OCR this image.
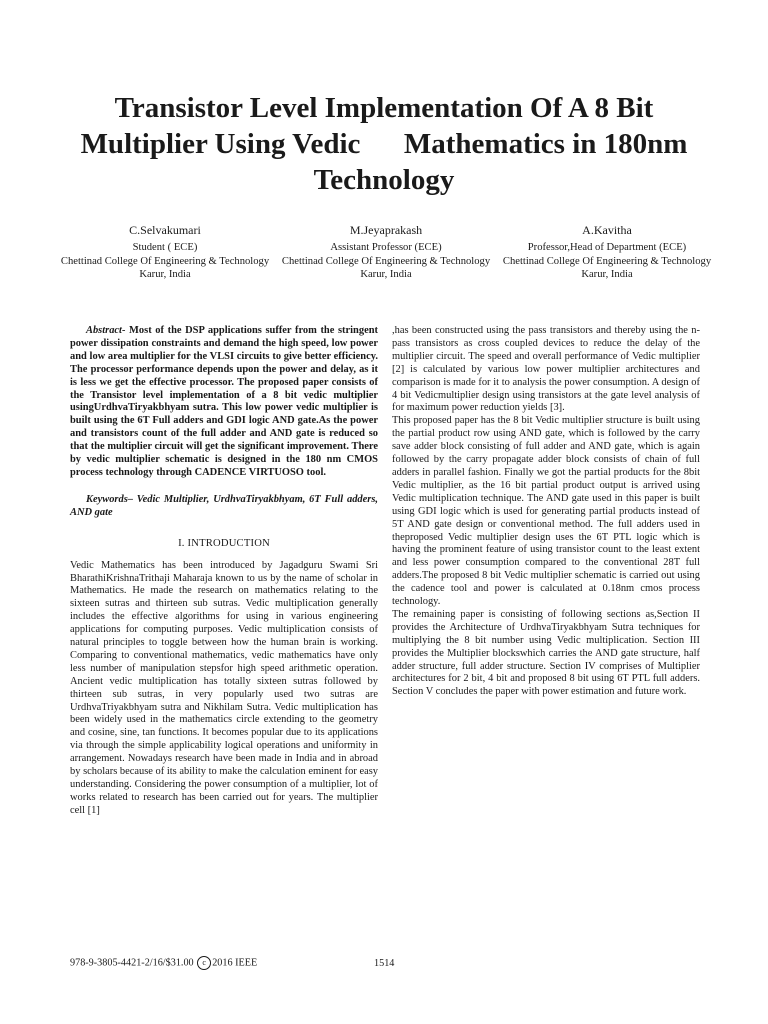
Transistor Level Implementation Of A 8 Bit
Multiplier Using Vedic      Mathematics in 180nm
Technology
C.Selvakumari
Student ( ECE)
Chettinad College Of Engineering & Technology
Karur, India
M.Jeyaprakash
Assistant Professor (ECE)
Chettinad College Of Engineering & Technology
Karur, India
A.Kavitha
Professor,Head of Department (ECE)
Chettinad College Of Engineering & Technology
Karur, India

Abstract- Most of the DSP applications suffer from the stringent power dissipation constraints and demand the high speed, low power and low area multiplier for the VLSI circuits to give better efficiency. The processor performance depends upon the power and delay, as it is less we get the effective processor. The proposed paper consists of the Transistor level implementation of a 8 bit vedic multiplier usingUrdhvaTiryakbhyam sutra. This low power vedic multiplier is built using the 6T Full adders and GDI logic AND gate.As the power and transistors count of the full adder and AND gate is reduced so that the multiplier circuit will get the significant improvement. There by vedic multiplier schematic is designed in the 180 nm CMOS process technology through CADENCE VIRTUOSO tool.

Keywords– Vedic Multiplier, UrdhvaTiryakbhyam, 6T Full adders, AND gate

I. INTRODUCTION

Vedic Mathematics has been introduced by Jagadguru Swami Sri BharathiKrishnaTrithaji Maharaja known to us by the name of scholar in Mathematics. He made the research on mathematics relating to the sixteen sutras and thirteen sub sutras. Vedic multiplication generally includes the effective algorithms for using in various engineering applications for computing purposes. Vedic multiplication consists of natural principles to toggle between how the human brain is working. Comparing to conventional mathematics, vedic mathematics have only less number of manipulation stepsfor high speed arithmetic operation. Ancient vedic multiplication has totally sixteen sutras followed by thirteen sub sutras, in very popularly used two sutras are UrdhvaTriyakbhyam sutra and Nikhilam Sutra. Vedic multiplication has been widely used in the mathematics circle extending to the geometry and cosine, sine, tan functions. It becomes popular due to its applications via through the simple applicability logical operations and uniformity in arrangement. Nowadays research have been made in India and in abroad by scholars because of its ability to make the calculation eminent for easy understanding. Considering the power consumption of a multiplier, lot of works related to research has been carried out for years. The multiplier cell [1]

,has been constructed using the pass transistors and thereby using the n-pass transistors as cross coupled devices to reduce the delay of the multiplier circuit. The speed and overall performance of Vedic multiplier [2] is calculated by various low power multiplier architectures and comparison is made for it to analysis the power consumption. A design of 4 bit Vedicmultiplier design using transistors at the gate level analysis of for maximum power reduction yields [3].

This proposed paper has the 8 bit Vedic multiplier structure is built using the partial product row using AND gate, which is followed by the carry save adder block consisting of full adder and AND gate, which is again followed by the carry propagate adder block consists of chain of full adders in parallel fashion. Finally we got the partial products for the 8bit Vedic multiplier, as the 16 bit partial product output is arrived using Vedic multiplication technique. The AND gate used in this paper is built using GDI logic which is used for generating partial products instead of 5T AND gate design or conventional method. The full adders used in theproposed Vedic multiplier design uses the 6T PTL logic which is having the prominent feature of using transistor count to the least extent and less power consumption compared to the conventional 28T full adders.The proposed 8 bit Vedic multiplier schematic is carried out using the cadence tool and power is calculated at 0.18nm cmos process technology.

The remaining paper is consisting of following sections as,Section II provides the Architecture of UrdhvaTiryakbhyam Sutra techniques for multiplying the 8 bit number using Vedic multiplication. Section III provides the Multiplier blockswhich carries the AND gate structure, half adder structure, full adder structure. Section IV comprises of Multiplier architectures for 2 bit, 4 bit and proposed 8 bit using 6T PTL full adders. Section V concludes the paper with power estimation and future work.

978-9-3805-4421-2/16/$31.00 c 2016 IEEE	1514
